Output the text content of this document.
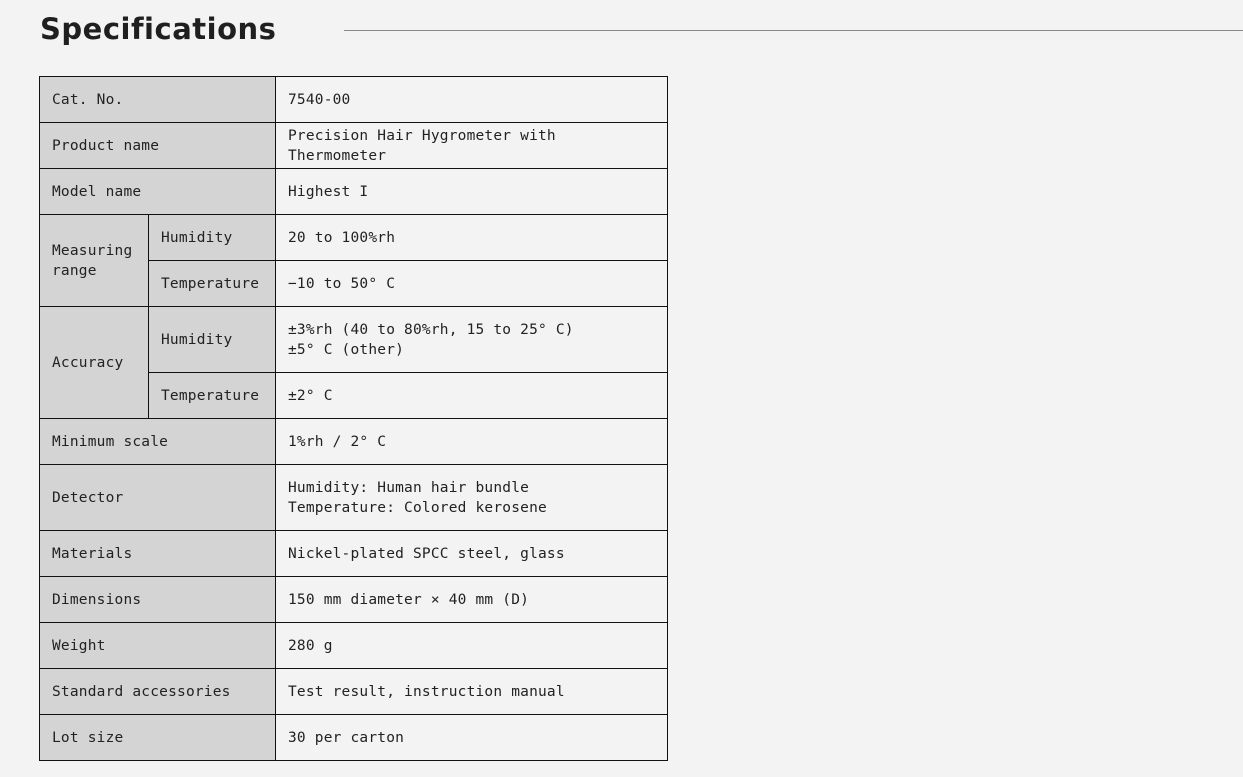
Specifications
Cat. No.		7540-00
Product name		Precision Hair Hygrometer with Thermometer
Model name		Highest I
Measuring range	Humidity	20 to 100%rh
	Temperature	−10 to 50° C
Accuracy	Humidity	±3%rh (40 to 80%rh, 15 to 25° C)
±5° C (other)

	Temperature	±2° C
Minimum scale		1%rh / 2° C
Detector		Humidity: Human hair bundle
Temperature: Colored kerosene

Materials		Nickel-plated SPCC steel, glass
Dimensions		150 mm diameter × 40 mm (D)
Weight		280 g
Standard accessories		Test result, instruction manual
Lot size		30 per carton
